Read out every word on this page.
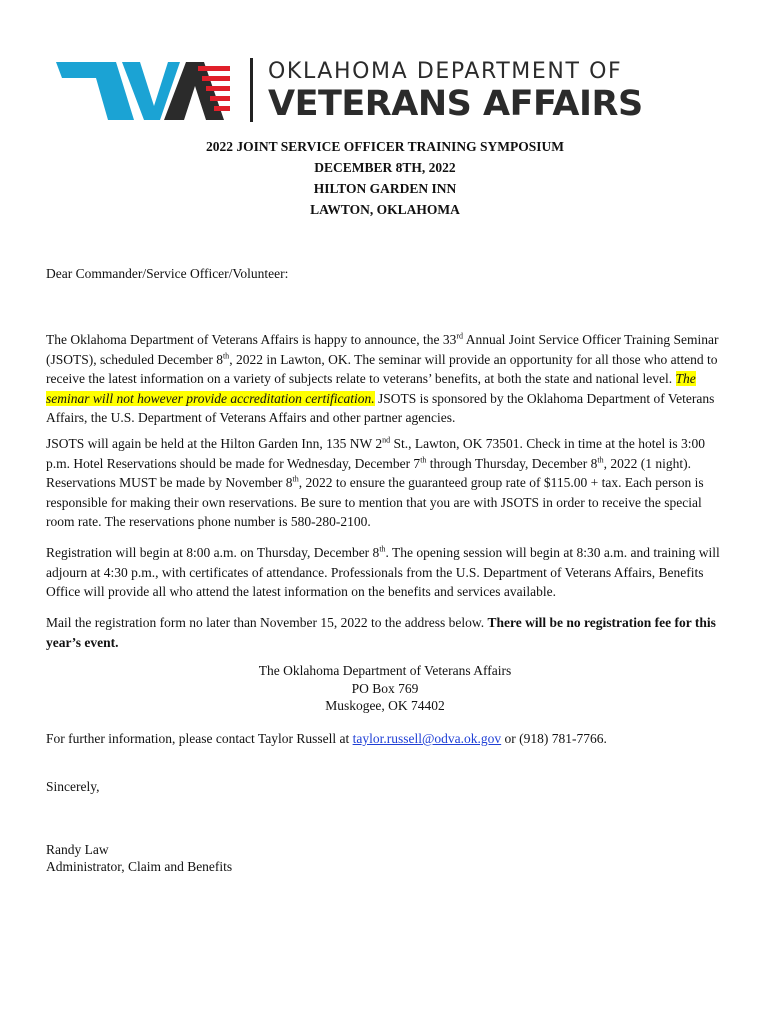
OKLAHOMA DEPARTMENT OF
VETERANS AFFAIRS
2022 JOINT SERVICE OFFICER TRAINING SYMPOSIUM
DECEMBER 8TH, 2022
HILTON GARDEN INN
LAWTON, OKLAHOMA

Dear Commander/Service Officer/Volunteer:

The Oklahoma Department of Veterans Affairs is happy to announce, the 33rd Annual Joint Service Officer Training Seminar (JSOTS), scheduled December 8th, 2022 in Lawton, OK. The seminar will provide an opportunity for all those who attend to receive the latest information on a variety of subjects relate to veterans’ benefits, at both the state and national level. The seminar will not however provide accreditation certification. JSOTS is sponsored by the Oklahoma Department of Veterans Affairs, the U.S. Department of Veterans Affairs and other partner agencies.

JSOTS will again be held at the Hilton Garden Inn, 135 NW 2nd St., Lawton, OK 73501. Check in time at the hotel is 3:00 p.m. Hotel Reservations should be made for Wednesday, December 7th through Thursday, December 8th, 2022 (1 night). Reservations MUST be made by November 8th, 2022 to ensure the guaranteed group rate of $115.00 + tax. Each person is responsible for making their own reservations. Be sure to mention that you are with JSOTS in order to receive the special room rate. The reservations phone number is 580-280-2100.

Registration will begin at 8:00 a.m. on Thursday, December 8th. The opening session will begin at 8:30 a.m. and training will adjourn at 4:30 p.m., with certificates of attendance. Professionals from the U.S. Department of Veterans Affairs, Benefits Office will provide all who attend the latest information on the benefits and services available.

Mail the registration form no later than November 15, 2022 to the address below. There will be no registration fee for this year’s event.

The Oklahoma Department of Veterans Affairs
PO Box 769
Muskogee, OK 74402

For further information, please contact Taylor Russell at taylor.russell@odva.ok.gov or (918) 781-7766.

Sincerely,

Randy Law
Administrator, Claim and Benefits
